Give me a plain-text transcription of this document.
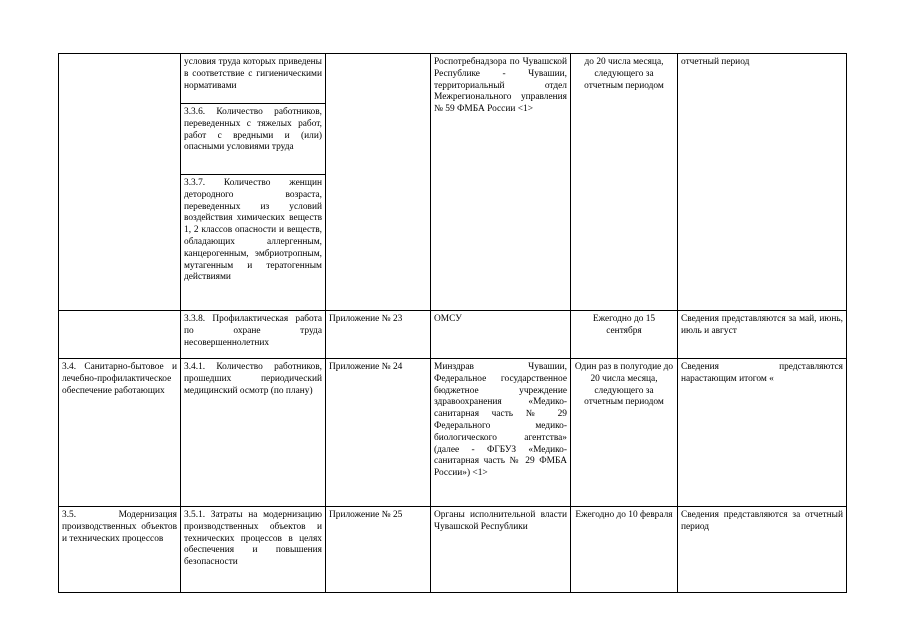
	условия труда которых приведены в соответствие с гигиеническими нормативами		Роспотребнадзора по Чувашской Республике - Чувашии, территориальный отдел Межрегионального управления № 59 ФМБА России <1>	до 20 числа месяца, следующего за отчетным периодом	отчетный период
	3.3.6. Количество работников, переведенных с тяжелых работ, работ с вредными и (или) опасными условиями труда				
	3.3.7. Количество женщин детородного возраста, переведенных из условий воздействия химических веществ 1, 2 классов опасности и веществ, обладающих аллергенным, канцерогенным, эмбриотропным, мутагенным и тератогенным действиями				
	3.3.8. Профилактическая работа по охране труда несовершеннолетних	Приложение № 23	ОМСУ	Ежегодно до 15 сентября	Сведения представляются за май, июнь, июль и август
3.4. Санитарно-бытовое и лечебно-профилактическое обеспечение работающих	3.4.1. Количество работников, прошедших периодический медицинский осмотр (по плану)	Приложение № 24	Минздрав Чувашии, Федеральное государственное бюджетное учреждение здравоохранения «Медико-санитарная часть № 29 Федерального медико-биологического агентства» (далее - ФГБУЗ «Медико-санитарная часть № 29 ФМБА России») <1>	Один раз в полугодие до 20 числа месяца, следующего за отчетным периодом	Сведения представляются нарастающим итогом «
3.5. Модернизация производственных объектов и технических процессов	3.5.1. Затраты на модернизацию производственных объектов и технических процессов в целях обеспечения и повышения безопасности	Приложение № 25	Органы исполнительной власти Чувашской Республики	Ежегодно до 10 февраля	Сведения представляются за отчетный период
